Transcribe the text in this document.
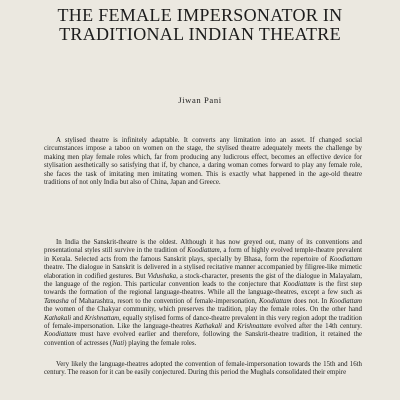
THE FEMALE IMPERSONATOR IN
TRADITIONAL INDIAN THEATRE
Jiwan Pani

A stylised theatre is infinitely adaptable. It converts any limitation into an asset. If changed social circumstances impose a taboo on women on the stage, the stylised theatre adequately meets the challenge by making men play female roles which, far from producing any ludicrous effect, becomes an effective device for stylisation aesthetically so satisfying that if, by chance, a daring woman comes forward to play any female role, she faces the task of imitating men imitating women. This is exactly what happened in the age-old theatre traditions of not only India but also of China, Japan and Greece.

In India the Sanskrit-theatre is the oldest. Although it has now greyed out, many of its conventions and presentational styles still survive in the tradition of Koodiattam, a form of highly evolved temple-theatre prevalent in Kerala. Selected acts from the famous Sanskrit plays, specially by Bhasa, form the repertoire of Koodiattam theatre. The dialogue in Sanskrit is delivered in a stylised recitative manner accompanied by filigree-like mimetic elaboration in codified gestures. But Vidushaka, a stock-character, presents the gist of the dialogue in Malayalam, the language of the region. This particular convention leads to the conjecture that Koodiattam is the first step towards the formation of the regional language-theatres. While all the language-theatres, except a few such as Tamasha of Maharashtra, resort to the convention of female-impersonation, Koodiattam does not. In Koodiattam the women of the Chakyar community, which preserves the tradition, play the female roles. On the other hand Kathakali and Krishnattam, equally stylised forms of dance-theatre prevalent in this very region adopt the tradition of female-impersonation. Like the language-theatres Kathakali and Krishnattam evolved after the 14th century. Koodiattam must have evolved earlier and therefore, following the Sanskrit-theatre tradition, it retained the convention of actresses (Nati) playing the female roles.

Very likely the language-theatres adopted the convention of female-impersonation towards the 15th and 16th century. The reason for it can be easily conjectured. During this period the Mughals consolidated their empire
